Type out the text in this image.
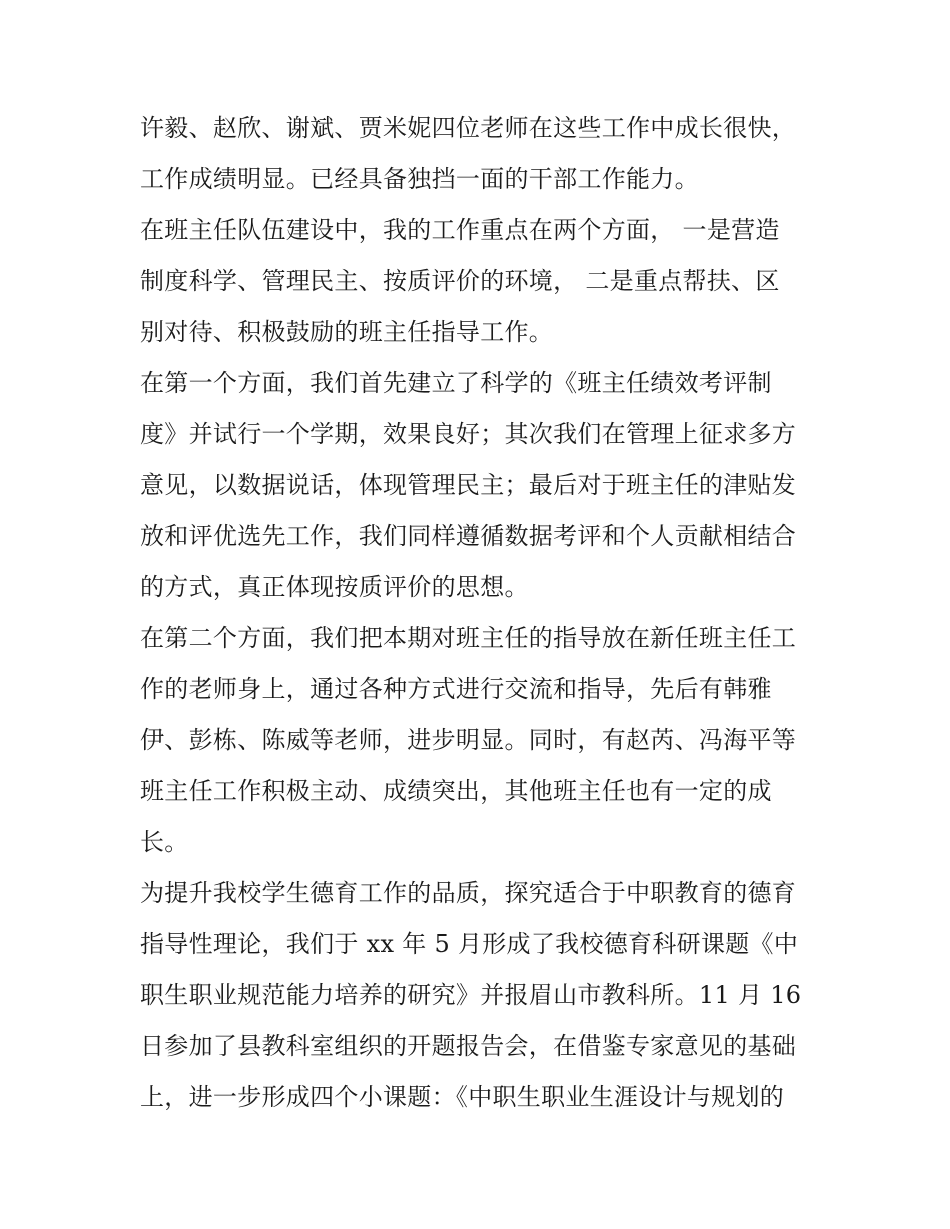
许毅、赵欣、谢斌、贾米妮四位老师在这些工作中成长很快，
工作成绩明显。已经具备独挡一面的干部工作能力。
在班主任队伍建设中，我的工作重点在两个方面， 一是营造
制度科学、管理民主、按质评价的环境， 二是重点帮扶、区
别对待、积极鼓励的班主任指导工作。
在第一个方面，我们首先建立了科学的《班主任绩效考评制
度》并试行一个学期，效果良好；其次我们在管理上征求多方
意见，以数据说话，体现管理民主；最后对于班主任的津贴发
放和评优选先工作，我们同样遵循数据考评和个人贡献相结合
的方式，真正体现按质评价的思想。
在第二个方面，我们把本期对班主任的指导放在新任班主任工
作的老师身上，通过各种方式进行交流和指导，先后有韩雅
伊、彭栋、陈威等老师，进步明显。同时，有赵芮、冯海平等
班主任工作积极主动、成绩突出，其他班主任也有一定的成
长。
为提升我校学生德育工作的品质，探究适合于中职教育的德育
指导性理论，我们于 xx 年 5 月形成了我校德育科研课题《中
职生职业规范能力培养的研究》并报眉山市教科所。11 月 16
日参加了县教科室组织的开题报告会，在借鉴专家意见的基础
上，进一步形成四个小课题：《中职生职业生涯设计与规划的
